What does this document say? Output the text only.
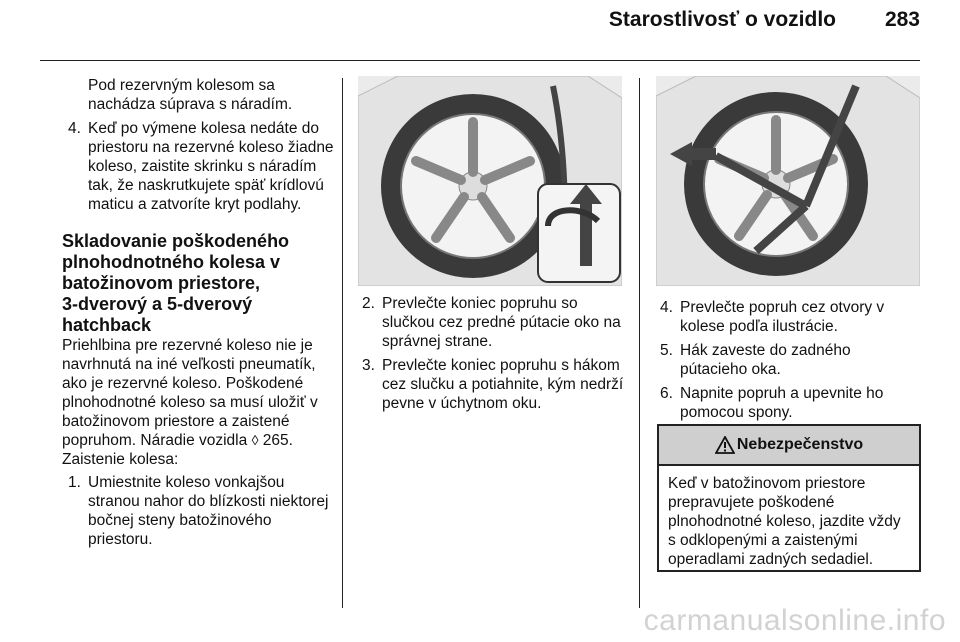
Starostlivosť o vozidlo 283

Pod rezervným kolesom sa nachádza súprava s náradím.

4. Keď po výmene kolesa nedáte do priestoru na rezervné koleso žiadne koleso, zaistite skrinku s náradím tak, že naskrutkujete späť krídlovú maticu a zatvoríte kryt podlahy.
Skladovanie poškodeného
plnohodnotného kolesa v
batožinovom priestore,
3-dverový a 5-dverový
hatchback

Priehlbina pre rezervné koleso nie je navrhnutá na iné veľkosti pneumatík, ako je rezervné koleso. Poškodené plnohodnotné koleso sa musí uložiť v batožinovom priestore a zaistené popruhom. Náradie vozidla ◊ 265.

Zaistenie kolesa:

1. Umiestnite koleso vonkajšou stranou nahor do blízkosti niektorej bočnej steny batožinového priestoru.
2. Prevlečte koniec popruhu so slučkou cez predné pútacie oko na správnej strane.
3. Prevlečte koniec popruhu s hákom cez slučku a potiahnite, kým nedrží pevne v úchytnom oku.
4. Prevlečte popruh cez otvory v kolese podľa ilustrácie.
5. Hák zaveste do zadného pútacieho oka.
6. Napnite popruh a upevnite ho pomocou spony.
Nebezpečenstvo
Keď v batožinovom priestore prepravujete poškodené plnohodnotné koleso, jazdite vždy s odklopenými a zaistenými operadlami zadných sedadiel.
carmanualsonline.info
